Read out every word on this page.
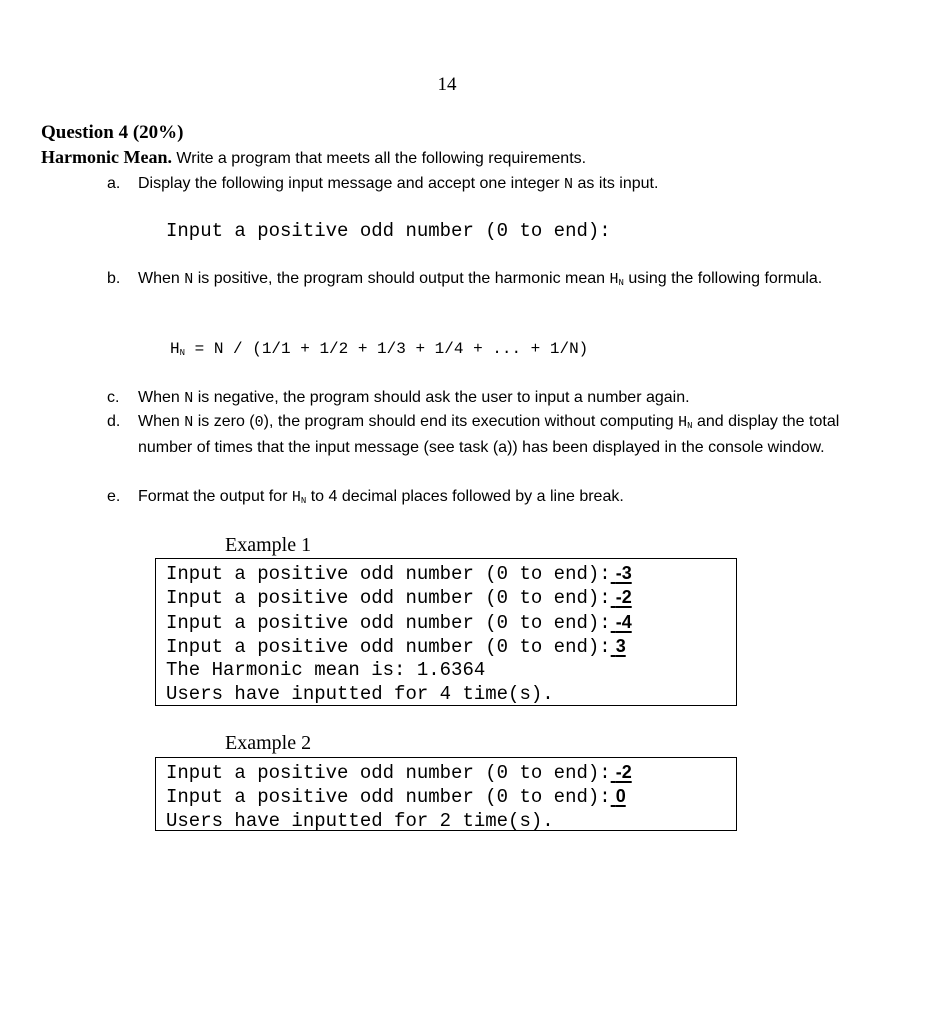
14
Question 4 (20%)
Harmonic Mean. Write a program that meets all the following requirements.
a. Display the following input message and accept one integer N as its input.
Input a positive odd number (0 to end):
b. When N is positive, the program should output the harmonic mean $H_N$ using the following formula.
$H_N = N / (1/1 + 1/2 + 1/3 + 1/4$ + ... + 1/N)
c. When N is negative, the program should ask the user to input a number again.
d. When N is zero (0), the program should end its execution without computing $H_N$ and display the total number of times that the input message (see task (a)) has been displayed in the console window.
e. Format the output for $H_N$ to 4 decimal places followed by a line break.
Example 1
Input a positive odd number (0 to end): -3
Input a positive odd number (0 to end): -2
Input a positive odd number (0 to end): -4
Input a positive odd number (0 to end): 3
The Harmonic mean is: 1.6364
Users have inputted for 4 time(s).
Example 2
Input a positive odd number (0 to end): -2
Input a positive odd number (0 to end): 0
Users have inputted for 2 time(s).
